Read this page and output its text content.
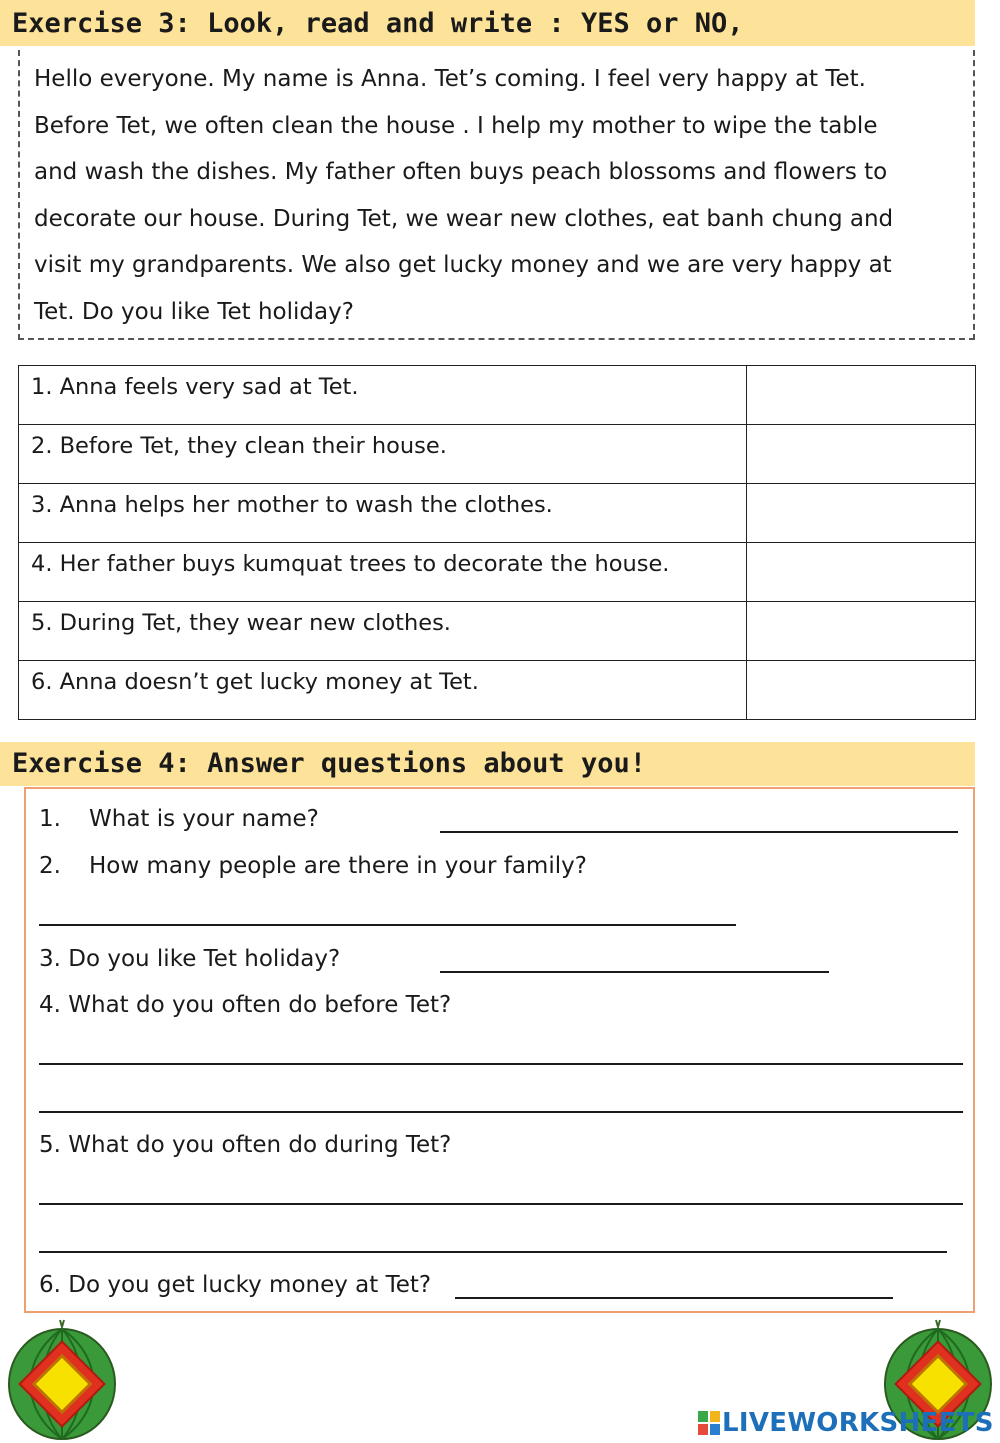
Exercise 3: Look, read and write : YES or NO,
Hello everyone. My name is Anna. Tet’s coming. I feel very happy at Tet.
Before Tet, we often clean the house . I help my mother to wipe the table
and wash the dishes. My father often buys peach blossoms and flowers to
decorate our house. During Tet, we wear new clothes, eat banh chung and
visit my grandparents. We also get lucky money and we are very happy at
Tet. Do you like Tet holiday?
1. Anna feels very sad at Tet.	
2. Before Tet, they clean their house.	
3. Anna helps her mother to wash the clothes.	
4. Her father buys kumquat trees to decorate the house.	
5. During Tet, they wear new clothes.	
6. Anna doesn’t get lucky money at Tet.	
Exercise 4: Answer questions about you!
1. What is your name?
2. How many people are there in your family?
3. Do you like Tet holiday?
4. What do you often do before Tet?
5. What do you often do during Tet?
6. Do you get lucky money at Tet?
LIVEWORKSHEETS
